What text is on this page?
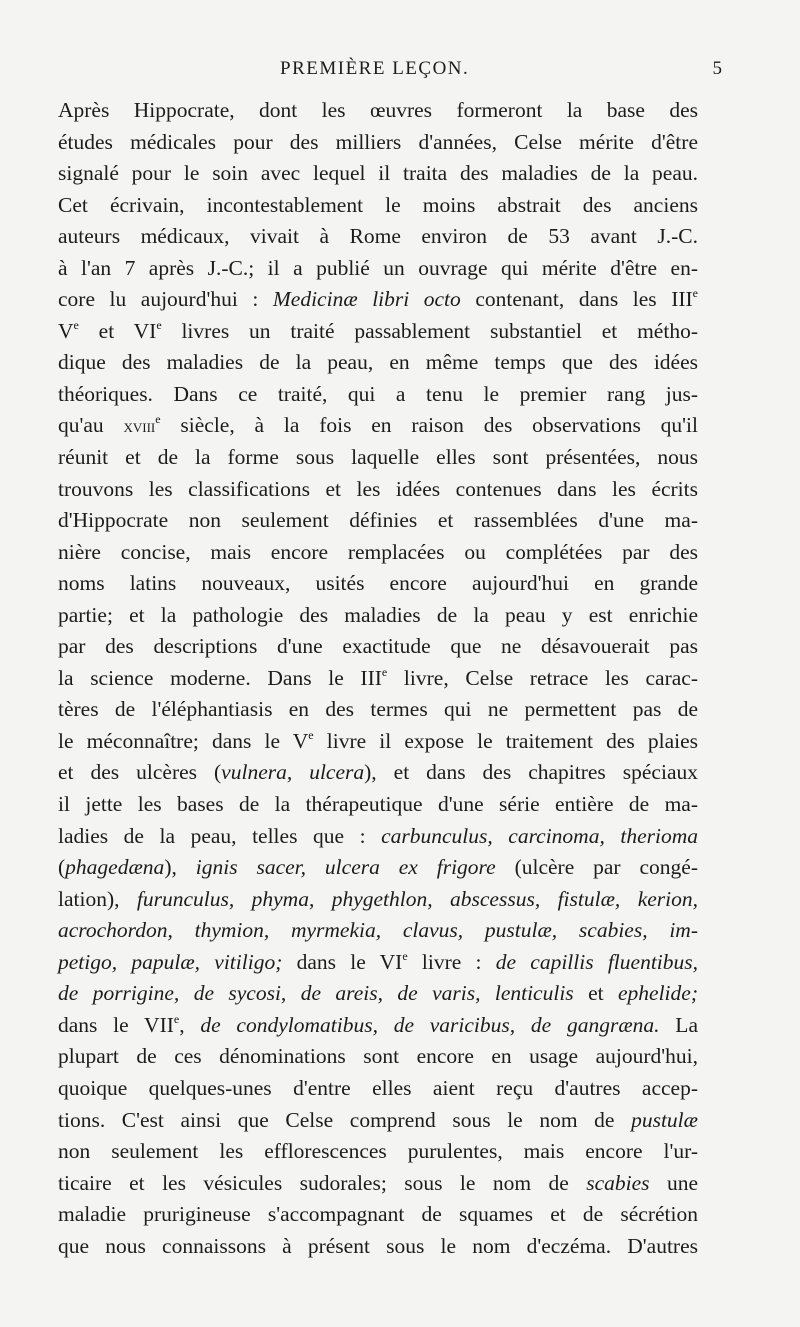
PREMIÈRE LEÇON.	5
Après Hippocrate, dont les œuvres formeront la base des
études médicales pour des milliers d'années, Celse mérite d'être
signalé pour le soin avec lequel il traita des maladies de la peau.
Cet écrivain, incontestablement le moins abstrait des anciens
auteurs médicaux, vivait à Rome environ de 53 avant J.-C.
à l'an 7 après J.-C.; il a publié un ouvrage qui mérite d'être en-
core lu aujourd'hui : Medicinæ libri octo contenant, dans les IIIe
Ve et VIe livres un traité passablement substantiel et métho-
dique des maladies de la peau, en même temps que des idées
théoriques. Dans ce traité, qui a tenu le premier rang jus-
qu'au xviii$^e$ siècle, à la fois en raison des observations qu'il
réunit et de la forme sous laquelle elles sont présentées, nous
trouvons les classifications et les idées contenues dans les écrits
d'Hippocrate non seulement définies et rassemblées d'une ma-
nière concise, mais encore remplacées ou complétées par des
noms latins nouveaux, usités encore aujourd'hui en grande
partie; et la pathologie des maladies de la peau y est enrichie
par des descriptions d'une exactitude que ne désavouerait pas
la science moderne. Dans le IIIe livre, Celse retrace les carac-
tères de l'éléphantiasis en des termes qui ne permettent pas de
le méconnaître; dans le Ve livre il expose le traitement des plaies
et des ulcères (vulnera, ulcera), et dans des chapitres spéciaux
il jette les bases de la thérapeutique d'une série entière de ma-
ladies de la peau, telles que : carbunculus, carcinoma, therioma
(phagedæna), ignis sacer, ulcera ex frigore (ulcère par congé-
lation), furunculus, phyma, phygethlon, abscessus, fistulæ, kerion,
acrochordon, thymion, myrmekia, clavus, pustulæ, scabies, im-
petigo, papulæ, vitiligo; dans le VIe livre : de capillis fluentibus,
de porrigine, de sycosi, de areis, de varis, lenticulis et ephelide;
dans le VIIe, de condylomatibus, de varicibus, de gangræna. La
plupart de ces dénominations sont encore en usage aujourd'hui,
quoique quelques-unes d'entre elles aient reçu d'autres accep-
tions. C'est ainsi que Celse comprend sous le nom de pustulæ
non seulement les efflorescences purulentes, mais encore l'ur-
ticaire et les vésicules sudorales; sous le nom de scabies une
maladie prurigineuse s'accompagnant de squames et de sécrétion
que nous connaissons à présent sous le nom d'eczéma. D'autres
